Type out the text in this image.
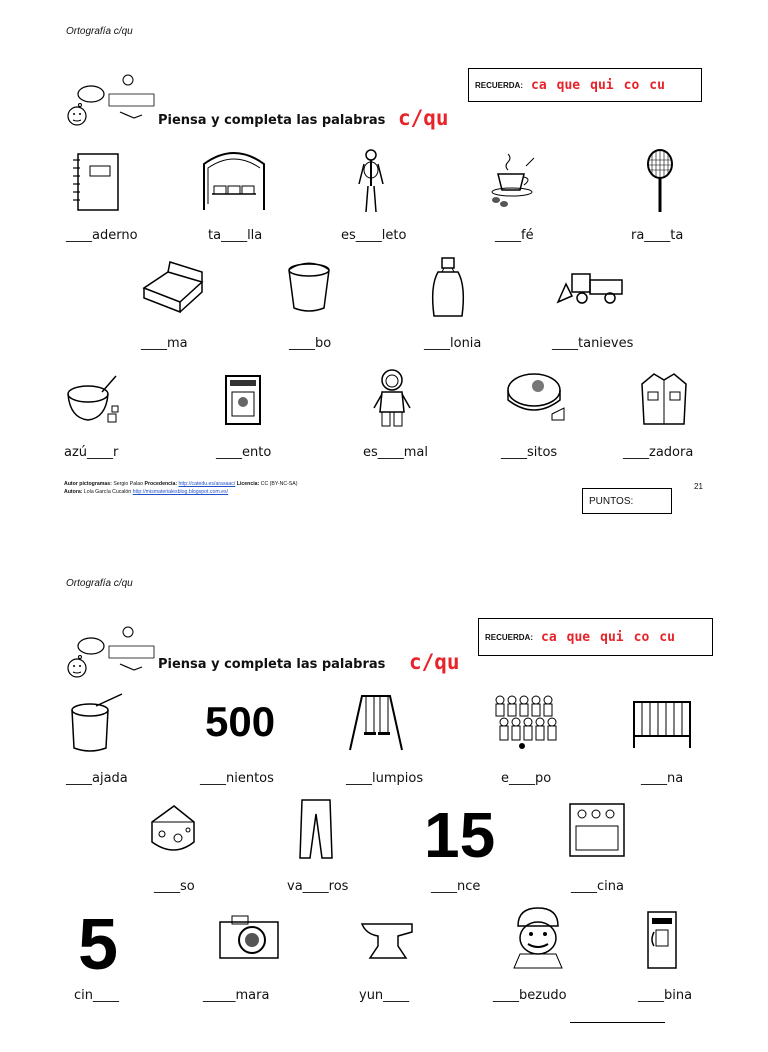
Ortografía c/qu
Piensa y completa las palabras c/qu
RECUERDA: ca que qui co cu
____aderno	ta____lla	es____leto	____fé	ra____ta
____ma	____bo	____lonia	____tanieves
azú____r	____ento	es____mal	____sitos	____zadora
Autor pictogramas: Sergio Palao Procedencia: http://catedu.es/arasaac/ Licencia: CC (BY-NC-SA)
Autora: Lola García Cucalón http://mismaterialesblog.blogspot.com.es/
21
PUNTOS:
Ortografía c/qu
Piensa y completa las palabras c/qu
RECUERDA: ca que qui co cu
500
____ajada	____nientos	____lumpios	e____po	____na
15
____so	va____ros	____nce	____cina
5
cin____	_____mara	yun____	____bezudo	____bina
